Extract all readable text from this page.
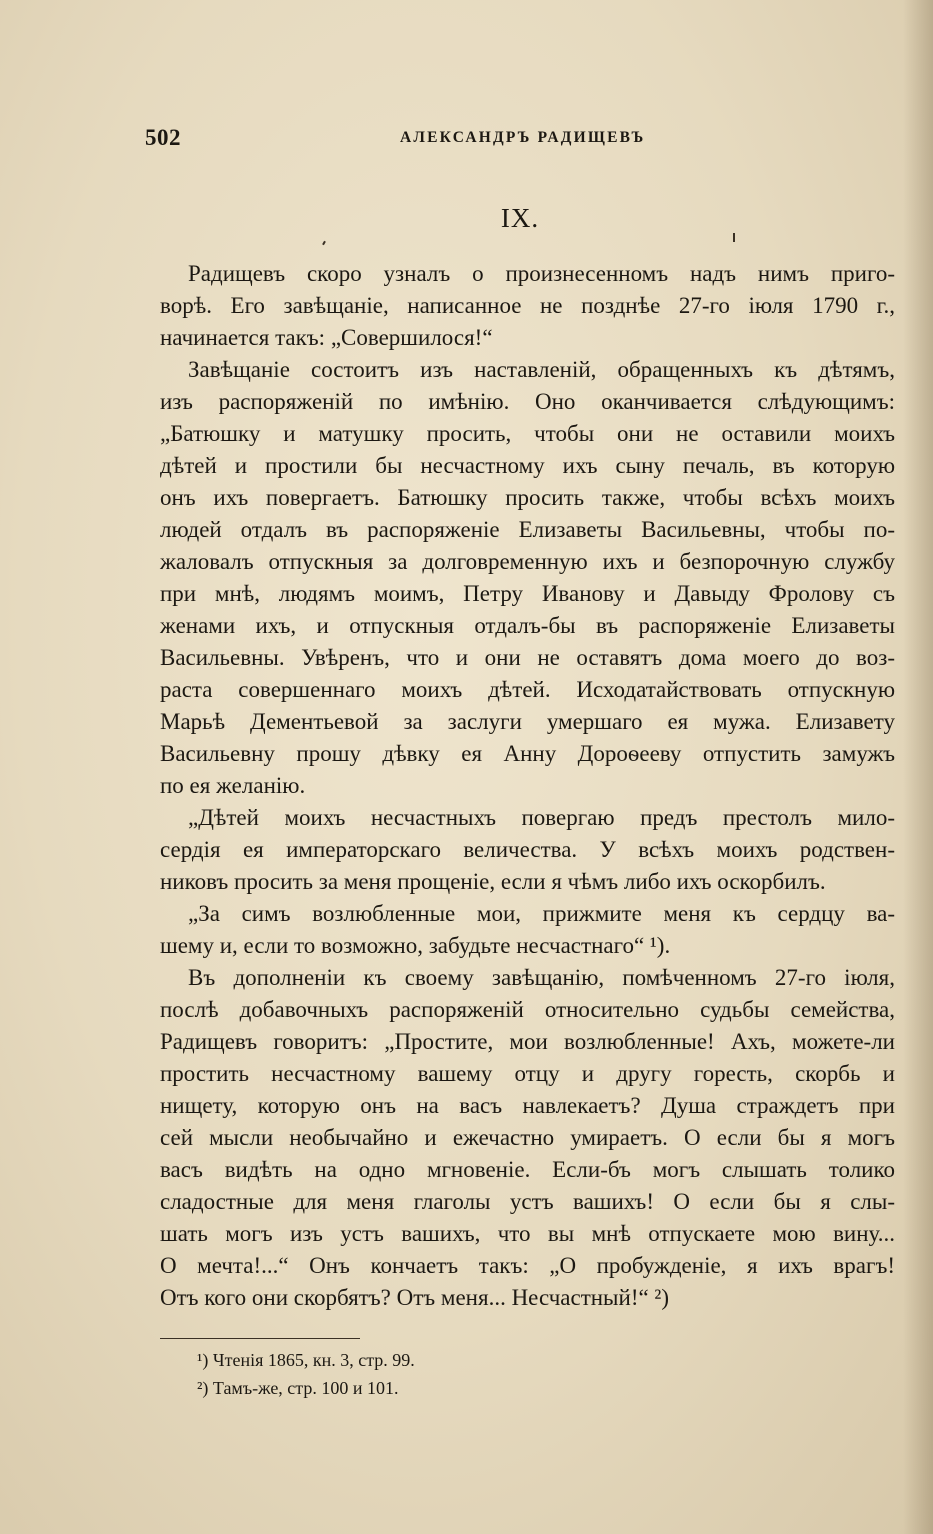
502	АЛЕКСАНДРЪ РАДИЩЕВЪ
IX.
Радищевъ скоро узналъ о произнесенномъ надъ нимъ приго-
ворѣ. Его завѣщаніе, написанное не позднѣе 27-го іюля 1790 г.,
начинается такъ: „Совершилося!“
Завѣщаніе состоитъ изъ наставленій, обращенныхъ къ дѣтямъ,
изъ распоряженій по имѣнію. Оно оканчивается слѣдующимъ:
„Батюшку и матушку просить, чтобы они не оставили моихъ
дѣтей и простили бы несчастному ихъ сыну печаль, въ которую
онъ ихъ повергаетъ. Батюшку просить также, чтобы всѣхъ моихъ
людей отдалъ въ распоряженіе Елизаветы Васильевны, чтобы по-
жаловалъ отпускныя за долговременную ихъ и безпорочную службу
при мнѣ, людямъ моимъ, Петру Иванову и Давыду Фролову съ
женами ихъ, и отпускныя отдалъ-бы въ распоряженіе Елизаветы
Васильевны. Увѣренъ, что и они не оставятъ дома моего до воз-
раста совершеннаго моихъ дѣтей. Исходатайствовать отпускную
Марьѣ Дементьевой за заслуги умершаго ея мужа. Елизавету
Васильевну прошу дѣвку ея Анну Дороѳееву отпустить замужъ
по ея желанію.
„Дѣтей моихъ несчастныхъ повергаю предъ престолъ мило-
сердія ея императорскаго величества. У всѣхъ моихъ родствен-
никовъ просить за меня прощеніе, если я чѣмъ либо ихъ оскорбилъ.
„За симъ возлюбленные мои, прижмите меня къ сердцу ва-
шему и, если то возможно, забудьте несчастнаго“ ¹).
Въ дополненіи къ своему завѣщанію, помѣченномъ 27-го іюля,
послѣ добавочныхъ распоряженій относительно судьбы семейства,
Радищевъ говоритъ: „Простите, мои возлюбленные! Ахъ, можете-ли
простить несчастному вашему отцу и другу горесть, скорбь и
нищету, которую онъ на васъ навлекаетъ? Душа страждетъ при
сей мысли необычайно и ежечастно умираетъ. О если бы я могъ
васъ видѣть на одно мгновеніе. Если-бъ могъ слышать толико
сладостные для меня глаголы устъ вашихъ! О если бы я слы-
шать могъ изъ устъ вашихъ, что вы мнѣ отпускаете мою вину...
О мечта!...“ Онъ кончаетъ такъ: „О пробужденіе, я ихъ врагъ!
Отъ кого они скорбятъ? Отъ меня... Несчастный!“ ²)
¹) Чтенія 1865, кн. 3, стр. 99.
²) Тамъ-же, стр. 100 и 101.
